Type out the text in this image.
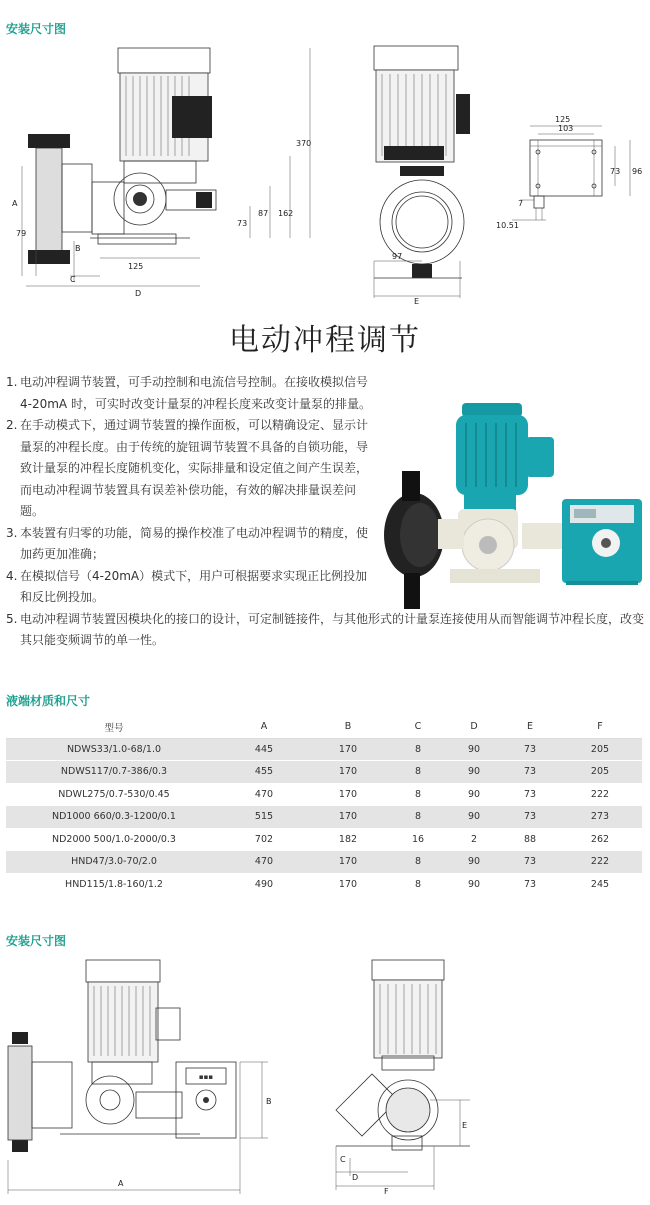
安装尺寸图
A
B
C
D
125
73
87 162
370
79
97
E
125
103
73 96
7
10.51
电动冲程调节
1. 电动冲程调节装置，可手动控制和电流信号控制。在接收模拟信号 4-20mA 时，可实时改变计量泵的冲程长度来改变计量泵的排量。
2. 在手动模式下，通过调节装置的操作面板，可以精确设定、显示计量泵的冲程长度。由于传统的旋钮调节装置不具备的自锁功能，导致计量泵的冲程长度随机变化，实际排量和设定值之间产生误差，而电动冲程调节装置具有误差补偿功能，有效的解决排量误差问题。
3. 本装置有归零的功能，简易的操作校准了电动冲程调节的精度，使加药更加准确；
4. 在模拟信号（4-20mA）模式下，用户可根据要求实现正比例投加和反比例投加。
5. 电动冲程调节装置因模块化的接口的设计，可定制链接件，与其他形式的计量泵连接使用从而智能调节冲程长度，改变其只能变频调节的单一性。
液端材质和尺寸
型号	A	B	C	D	E	F
NDWS33/1.0-68/1.0	445	170	8	90	73	205
NDWS117/0.7-386/0.3	455	170	8	90	73	205
NDWL275/0.7-530/0.45	470	170	8	90	73	222
ND1000 660/0.3-1200/0.1	515	170	8	90	73	273
ND2000 500/1.0-2000/0.3	702	182	16	2	88	262
HND47/3.0-70/2.0	470	170	8	90	73	222
HND115/1.8-160/1.2	490	170	8	90	73	245
安装尺寸图
▪▪▪
A
B
C
D
E
F
